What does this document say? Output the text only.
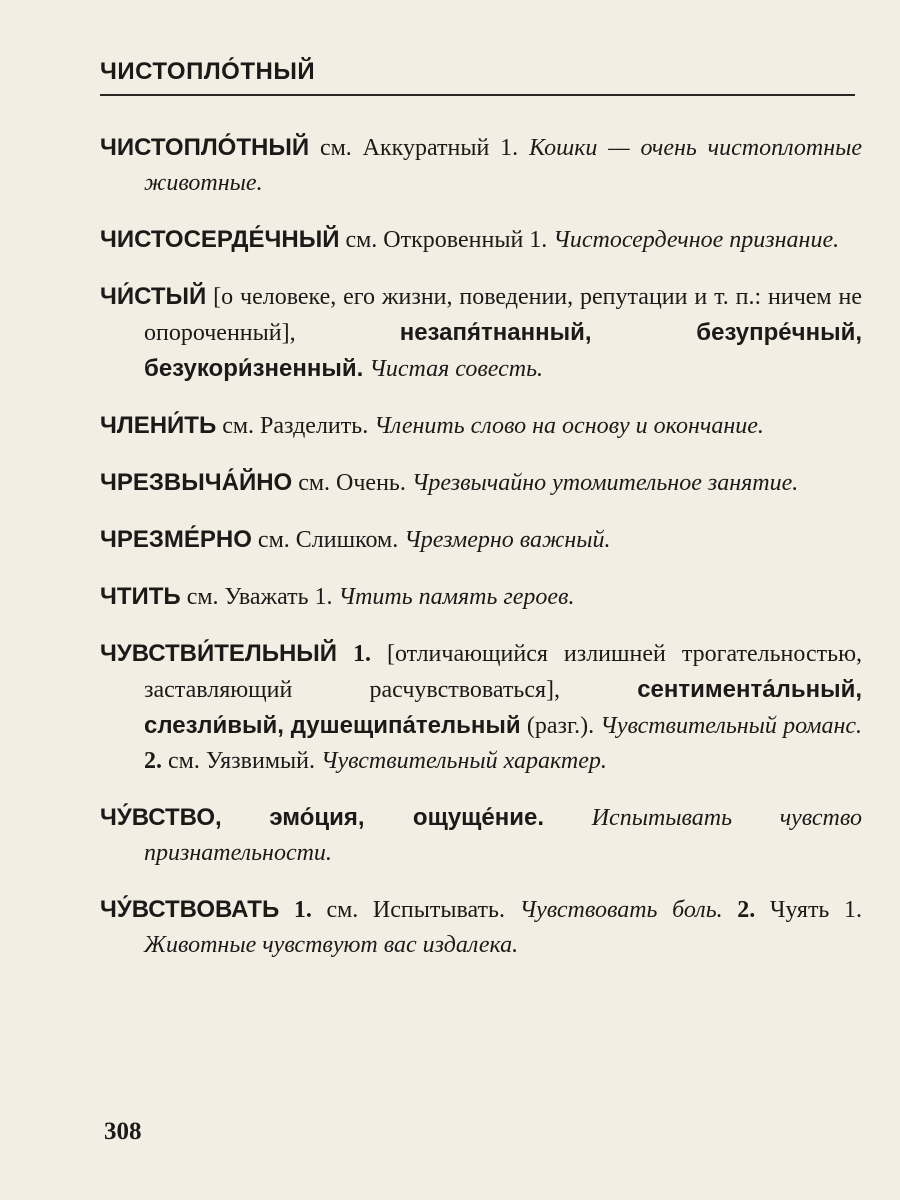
ЧИСТОПЛО́ТНЫЙ

ЧИСТОПЛО́ТНЫЙ см. Аккуратный 1. Кошки — очень чистоплотные животные.

ЧИСТОСЕРДЕ́ЧНЫЙ см. Откровенный 1. Чистосердечное признание.

ЧИ́СТЫЙ [о человеке, его жизни, поведении, репутации и т. п.: ничем не опороченный],	незапя́тнанный, безупре́чный, безукори́зненный. Чистая совесть.

ЧЛЕНИ́ТЬ см. Разделить. Членить слово на основу и окончание.

ЧРЕЗВЫЧА́ЙНО см. Очень. Чрезвычайно утомительное занятие.

ЧРЕЗМЕ́РНО см. Слишком. Чрезмерно важный.

ЧТИТЬ см. Уважать 1. Чтить память героев.

ЧУВСТВИ́ТЕЛЬНЫЙ 1. [отличающийся излишней трогательностью, заставляющий расчувствоваться],	сентимента́льный, слезли́вый, душещипа́тельный (разг.). Чувствительный романс. 2. см. Уязвимый. Чувствительный характер.

ЧУ́ВСТВО, эмо́ция, ощуще́ние. Испытывать чувство признательности.

ЧУ́ВСТВОВАТЬ 1. см. Испытывать. Чувствовать боль. 2. Чуять 1. Животные чувствуют вас издалека.

308
